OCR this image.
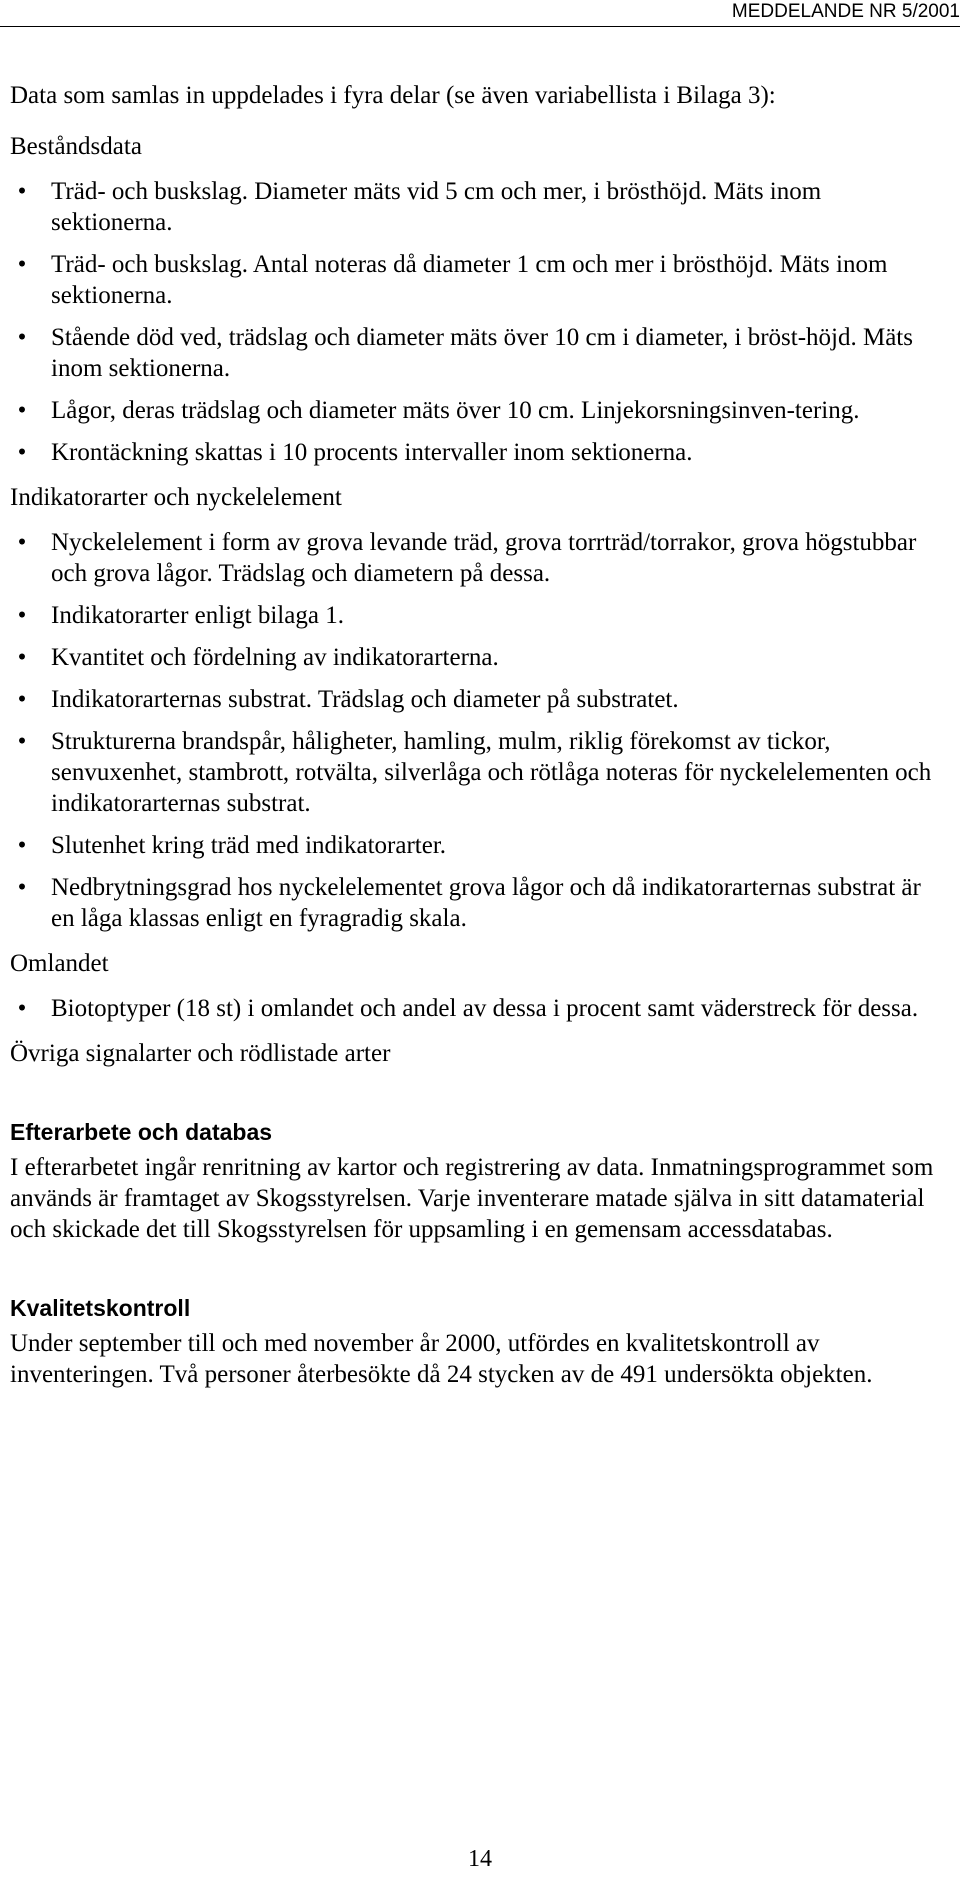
MEDDELANDE NR 5/2001

Data som samlas in uppdelades i fyra delar (se även variabellista i Bilaga 3):

Beståndsdata

• Träd- och buskslag. Diameter mäts vid 5 cm och mer, i brösthöjd. Mäts inom sektionerna.
• Träd- och buskslag. Antal noteras då diameter 1 cm och mer i brösthöjd. Mäts inom sektionerna.
• Stående död ved, trädslag och diameter mäts över 10 cm i diameter, i bröst-höjd. Mäts inom sektionerna.
• Lågor, deras trädslag och diameter mäts över 10 cm. Linjekorsningsinven-tering.
• Krontäckning skattas i 10 procents intervaller inom sektionerna.

Indikatorarter och nyckelelement

• Nyckelelement i form av grova levande träd, grova torrträd/torrakor, grova högstubbar och grova lågor. Trädslag och diametern på dessa.
• Indikatorarter enligt bilaga 1.
• Kvantitet och fördelning av indikatorarterna.
• Indikatorarternas substrat. Trädslag och diameter på substratet.
• Strukturerna brandspår, håligheter, hamling, mulm, riklig förekomst av tickor, senvuxenhet, stambrott, rotvälta, silverlåga och rötlåga noteras för nyckelelementen och indikatorarternas substrat.
• Slutenhet kring träd med indikatorarter.
• Nedbrytningsgrad hos nyckelelementet grova lågor och då indikatorarternas substrat är en låga klassas enligt en fyragradig skala.

Omlandet

• Biotoptyper (18 st) i omlandet och andel av dessa i procent samt väderstreck för dessa.

Övriga signalarter och rödlistade arter

Efterarbete och databas

I efterarbetet ingår renritning av kartor och registrering av data. Inmatningsprogrammet som används är framtaget av Skogsstyrelsen. Varje inventerare matade själva in sitt datamaterial och skickade det till Skogsstyrelsen för uppsamling i en gemensam accessdatabas.

Kvalitetskontroll

Under september till och med november år 2000, utfördes en kvalitetskontroll av inventeringen. Två personer återbesökte då 24 stycken av de 491 undersökta objekten.

14
